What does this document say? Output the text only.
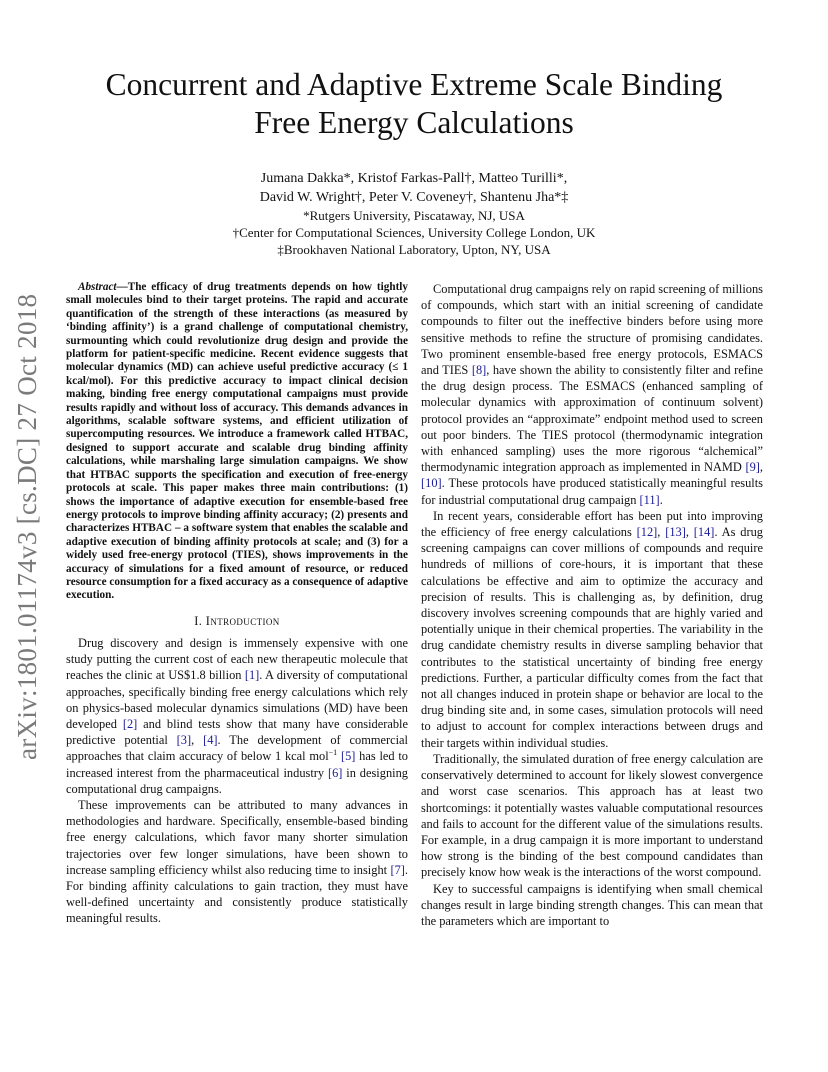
arXiv:1801.01174v3 [cs.DC] 27 Oct 2018
Concurrent and Adaptive Extreme Scale Binding
Free Energy Calculations
Jumana Dakka*, Kristof Farkas-Pall†, Matteo Turilli*,
David W. Wright†, Peter V. Coveney†, Shantenu Jha*‡
*Rutgers University, Piscataway, NJ, USA
†Center for Computational Sciences, University College London, UK
‡Brookhaven National Laboratory, Upton, NY, USA

Abstract—The efficacy of drug treatments depends on how tightly small molecules bind to their target proteins. The rapid and accurate quantification of the strength of these interactions (as measured by ‘binding affinity’) is a grand challenge of computational chemistry, surmounting which could revolutionize drug design and provide the platform for patient-specific medicine. Recent evidence suggests that molecular dynamics (MD) can achieve useful predictive accuracy (≤ 1 kcal/mol). For this predictive accuracy to impact clinical decision making, binding free energy computational campaigns must provide results rapidly and without loss of accuracy. This demands advances in algorithms, scalable software systems, and efficient utilization of supercomputing resources. We introduce a framework called HTBAC, designed to support accurate and scalable drug binding affinity calculations, while marshaling large simulation campaigns. We show that HTBAC supports the specification and execution of free-energy protocols at scale. This paper makes three main contributions: (1) shows the importance of adaptive execution for ensemble-based free energy protocols to improve binding affinity accuracy; (2) presents and characterizes HTBAC – a software system that enables the scalable and adaptive execution of binding affinity protocols at scale; and (3) for a widely used free-energy protocol (TIES), shows improvements in the accuracy of simulations for a fixed amount of resource, or reduced resource consumption for a fixed accuracy as a consequence of adaptive execution.

I. Introduction

Drug discovery and design is immensely expensive with one study putting the current cost of each new therapeutic molecule that reaches the clinic at US$1.8 billion [1]. A diversity of computational approaches, specifically binding free energy calculations which rely on physics-based molecular dynamics simulations (MD) have been developed [2] and blind tests show that many have considerable predictive potential [3], [4]. The development of commercial approaches that claim accuracy of below 1 kcal mol$^{-1}$ [5] has led to increased interest from the pharmaceutical industry [6] in designing computational drug campaigns.

These improvements can be attributed to many advances in methodologies and hardware. Specifically, ensemble-based binding free energy calculations, which favor many shorter simulation trajectories over few longer simulations, have been shown to increase sampling efficiency whilst also reducing time to insight [7]. For binding affinity calculations to gain traction, they must have well-defined uncertainty and consistently produce statistically meaningful results.

Computational drug campaigns rely on rapid screening of millions of compounds, which start with an initial screening of candidate compounds to filter out the ineffective binders before using more sensitive methods to refine the structure of promising candidates. Two prominent ensemble-based free energy protocols, ESMACS and TIES [8], have shown the ability to consistently filter and refine the drug design process. The ESMACS (enhanced sampling of molecular dynamics with approximation of continuum solvent) protocol provides an “approximate” endpoint method used to screen out poor binders. The TIES protocol (thermodynamic integration with enhanced sampling) uses the more rigorous “alchemical” thermodynamic integration approach as implemented in NAMD [9], [10]. These protocols have produced statistically meaningful results for industrial computational drug campaign [11].

In recent years, considerable effort has been put into improving the efficiency of free energy calculations [12], [13], [14]. As drug screening campaigns can cover millions of compounds and require hundreds of millions of core-hours, it is important that these calculations be effective and aim to optimize the accuracy and precision of results. This is challenging as, by definition, drug discovery involves screening compounds that are highly varied and potentially unique in their chemical properties. The variability in the drug candidate chemistry results in diverse sampling behavior that contributes to the statistical uncertainty of binding free energy predictions. Further, a particular difficulty comes from the fact that not all changes induced in protein shape or behavior are local to the drug binding site and, in some cases, simulation protocols will need to adjust to account for complex interactions between drugs and their targets within individual studies.

Traditionally, the simulated duration of free energy calculation are conservatively determined to account for likely slowest convergence and worst case scenarios. This approach has at least two shortcomings: it potentially wastes valuable computational resources and fails to account for the different value of the simulations results. For example, in a drug campaign it is more important to understand how strong is the binding of the best compound candidates than precisely know how weak is the interactions of the worst compound.

Key to successful campaigns is identifying when small chemical changes result in large binding strength changes. This can mean that the parameters which are important to
